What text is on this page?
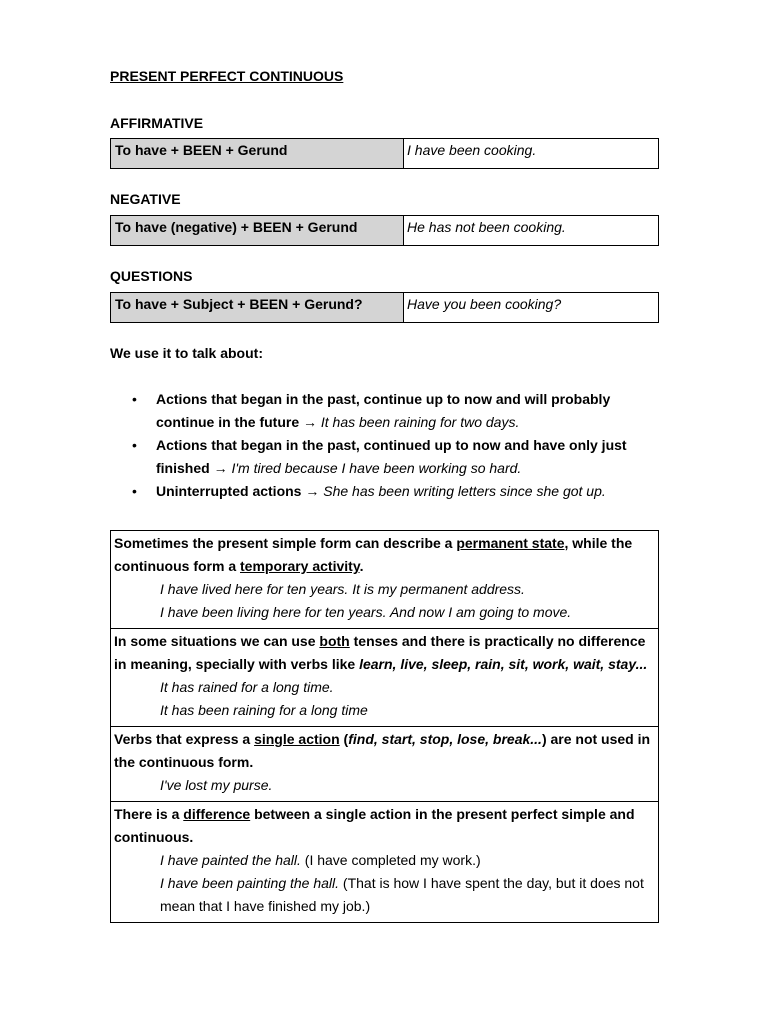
PRESENT PERFECT CONTINUOUS
AFFIRMATIVE
To have + BEEN + Gerund	I have been cooking.
NEGATIVE
To have (negative) + BEEN + Gerund	He has not been cooking.
QUESTIONS
To have + Subject + BEEN + Gerund?	Have you been cooking?
We use it to talk about:
• Actions that began in the past, continue up to now and will probably continue in the future → It has been raining for two days.
• Actions that began in the past, continued up to now and have only just finished → I'm tired because I have been working so hard.
• Uninterrupted actions → She has been writing letters since she got up.
Sometimes the present simple form can describe a permanent state, while the continuous form a temporary activity.
I have lived here for ten years. It is my permanent address.
I have been living here for ten years. And now I am going to move.
In some situations we can use both tenses and there is practically no difference in meaning, specially with verbs like learn, live, sleep, rain, sit, work, wait, stay...
It has rained for a long time.
It has been raining for a long time
Verbs that express a single action (find, start, stop, lose, break...) are not used in the continuous form.
I've lost my purse.
There is a difference between a single action in the present perfect simple and continuous.
I have painted the hall. (I have completed my work.)
I have been painting the hall. (That is how I have spent the day, but it does not mean that I have finished my job.)
